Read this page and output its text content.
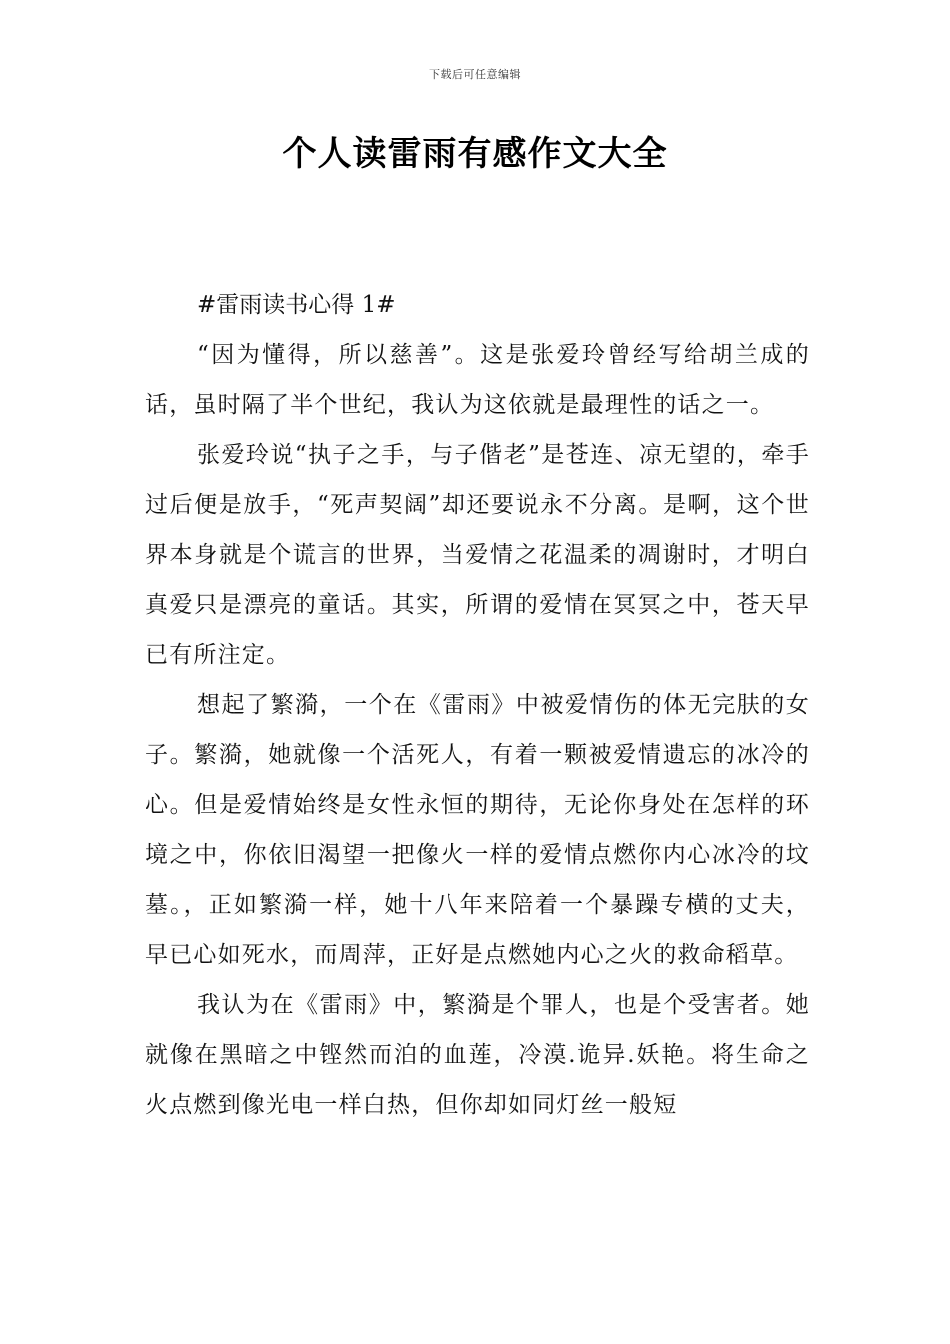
下载后可任意编辑
个人读雷雨有感作文大全

#雷雨读书心得 1#

“因为懂得，所以慈善”。这是张爱玲曾经写给胡兰成的话，虽时隔了半个世纪，我认为这依就是最理性的话之一。

张爱玲说“执子之手，与子偕老”是苍连、凉无望的，牵手过后便是放手，“死声契阔”却还要说永不分离。是啊，这个世界本身就是个谎言的世界，当爱情之花温柔的凋谢时，才明白真爱只是漂亮的童话。其实，所谓的爱情在冥冥之中，苍天早已有所注定。

想起了繁漪，一个在《雷雨》中被爱情伤的体无完肤的女子。繁漪，她就像一个活死人，有着一颗被爱情遗忘的冰冷的心。但是爱情始终是女性永恒的期待，无论你身处在怎样的环境之中，你依旧渴望一把像火一样的爱情点燃你内心冰冷的坟墓。，正如繁漪一样，她十八年来陪着一个暴躁专横的丈夫，早已心如死水，而周萍，正好是点燃她内心之火的救命稻草。

我认为在《雷雨》中，繁漪是个罪人，也是个受害者。她就像在黑暗之中铿然而泊的血莲，冷漠.诡异.妖艳。将生命之火点燃到像光电一样白热，但你却如同灯丝一般短
